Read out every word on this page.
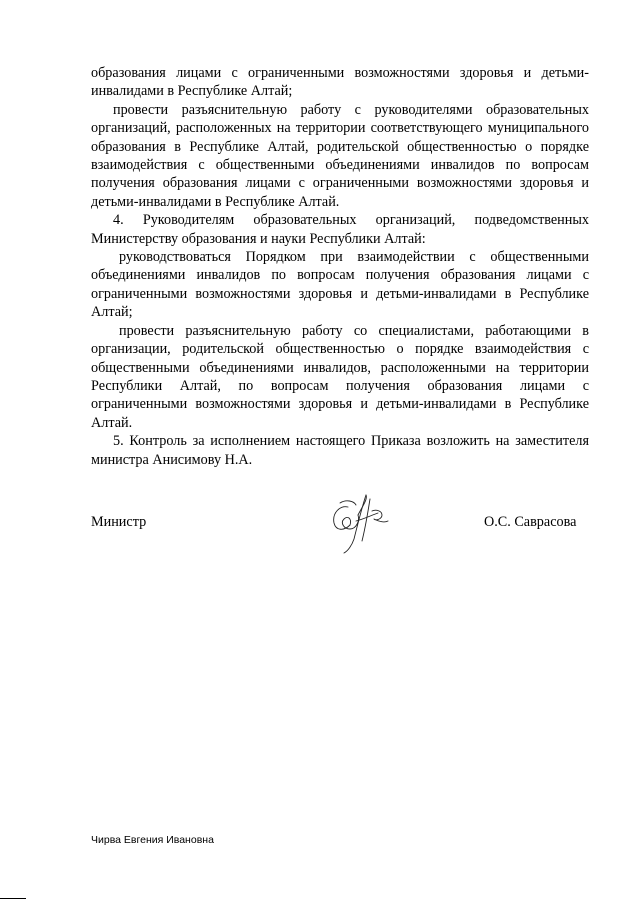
образования лицами с ограниченными возможностями здоровья и детьми-инвалидами в Республике Алтай;

провести разъяснительную работу с руководителями образовательных организаций, расположенных на территории соответствующего муниципального образования в Республике Алтай, родительской общественностью о порядке взаимодействия с общественными объединениями инвалидов по вопросам получения образования лицами с ограниченными возможностями здоровья и детьми-инвалидами в Республике Алтай.

4. Руководителям образовательных организаций, подведомственных Министерству образования и науки Республики Алтай:

руководствоваться Порядком при взаимодействии с общественными объединениями инвалидов по вопросам получения образования лицами с ограниченными возможностями здоровья и детьми-инвалидами в Республике Алтай;

провести разъяснительную работу со специалистами, работающими в организации, родительской общественностью о порядке взаимодействия с общественными объединениями инвалидов, расположенными на территории Республики Алтай, по вопросам получения образования лицами с ограниченными возможностями здоровья и детьми-инвалидами в Республике Алтай.

5. Контроль за исполнением настоящего Приказа возложить на заместителя министра Анисимову Н.А.

Министр	О.С. Саврасова
Чирва Евгения Ивановна
